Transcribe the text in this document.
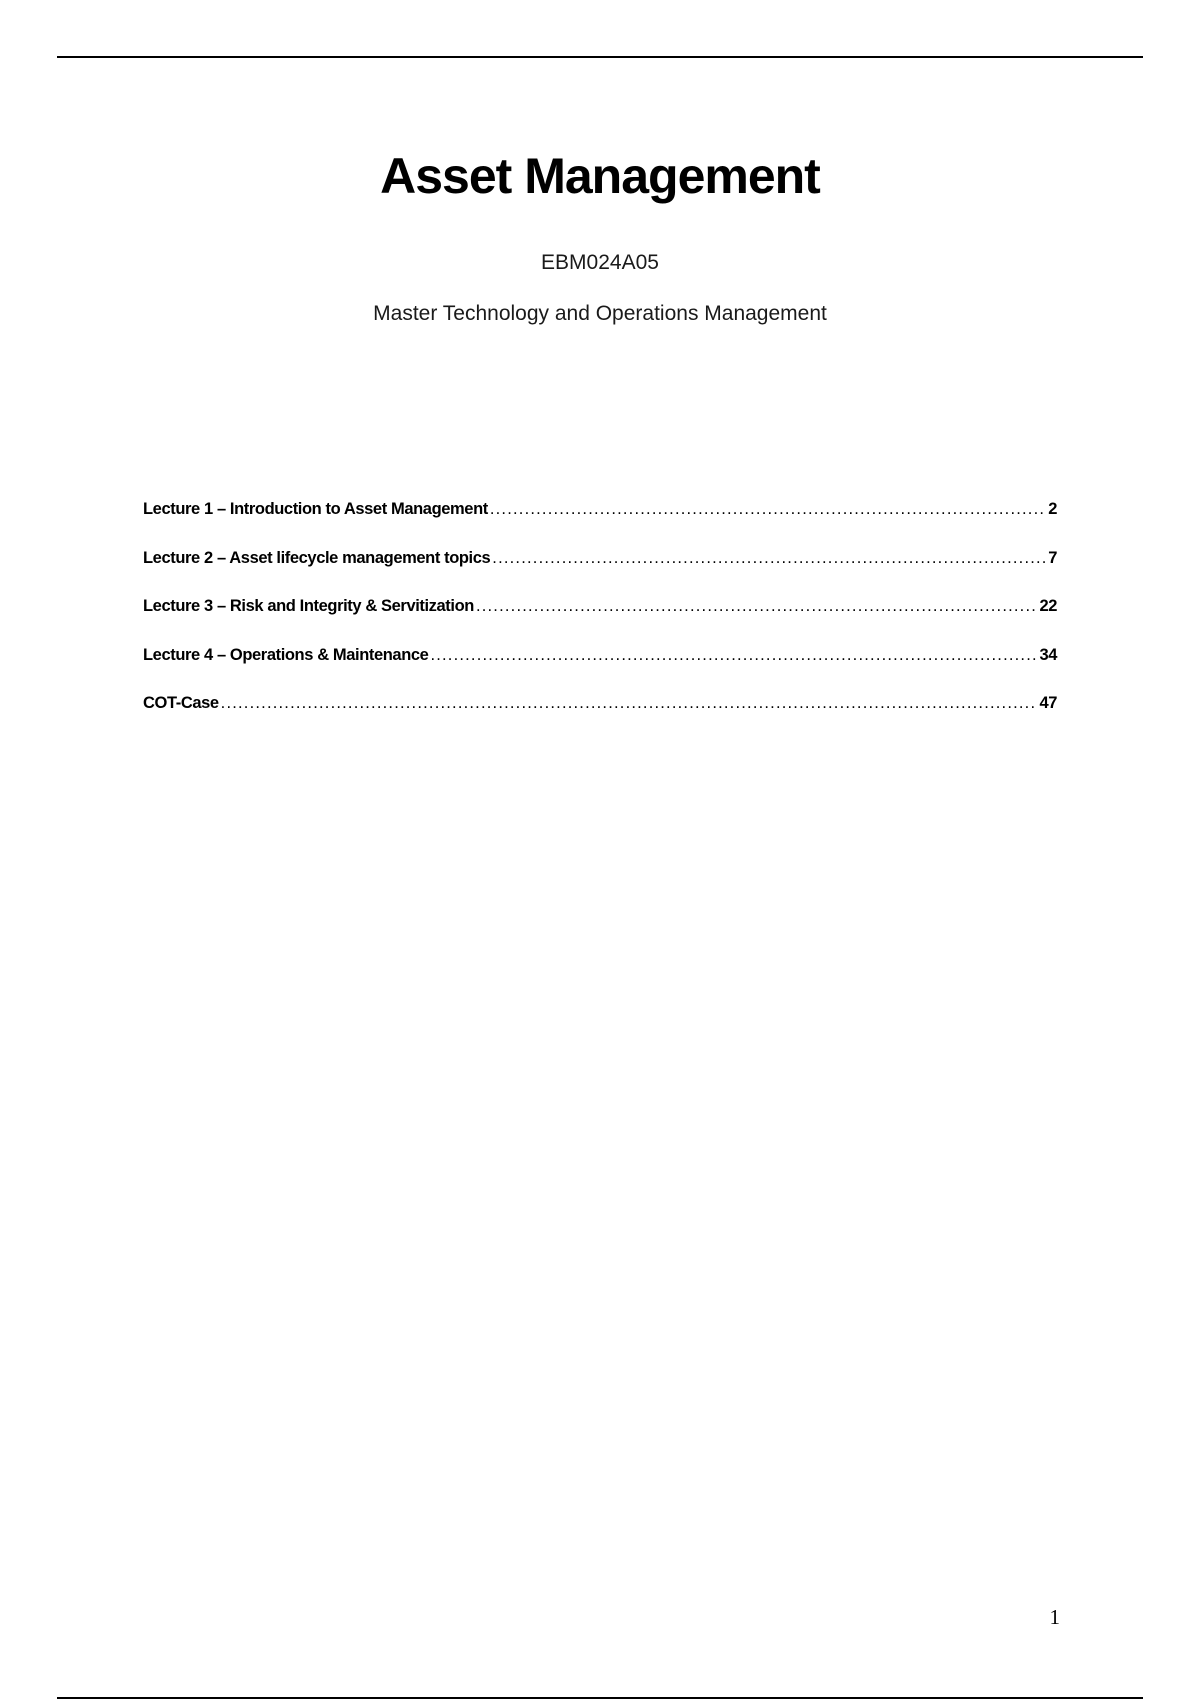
Asset Management
EBM024A05
Master Technology and Operations Management
Lecture 1 – Introduction to Asset Management .....	2
Lecture 2 – Asset lifecycle management topics .....	7
Lecture 3 – Risk and Integrity & Servitization .....	22
Lecture 4 – Operations & Maintenance .....	34
COT-Case .....	47
1
